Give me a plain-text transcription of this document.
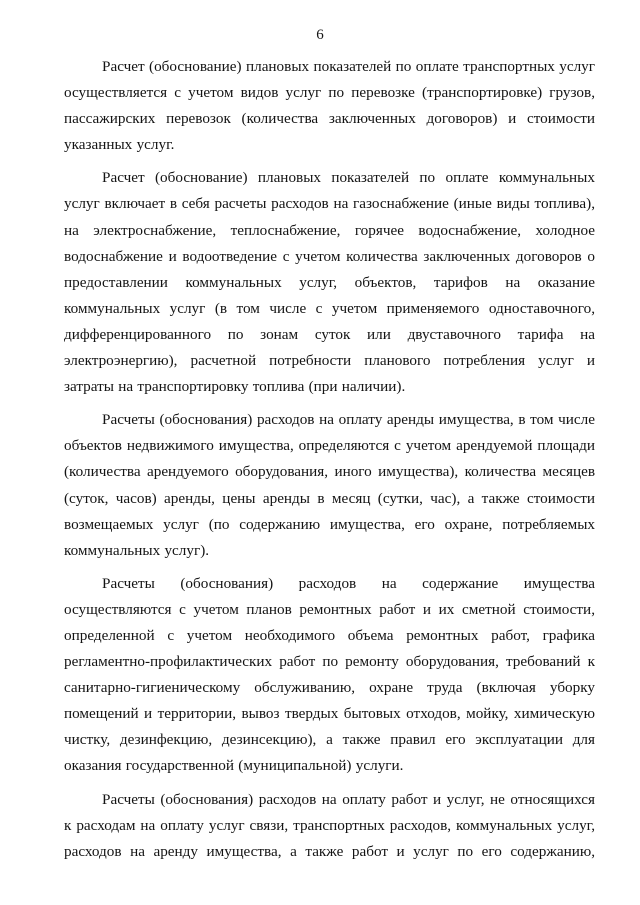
6

Расчет (обоснование) плановых показателей по оплате транспортных услуг осуществляется с учетом видов услуг по перевозке (транспортировке) грузов, пассажирских перевозок (количества заключенных договоров) и стоимости указанных услуг.

Расчет (обоснование) плановых показателей по оплате коммунальных услуг включает в себя расчеты расходов на газоснабжение (иные виды топлива), на электроснабжение, теплоснабжение, горячее водоснабжение, холодное водоснабжение и водоотведение с учетом количества заключенных договоров о предоставлении коммунальных услуг, объектов, тарифов на оказание коммунальных услуг (в том числе с учетом применяемого одноставочного, дифференцированного по зонам суток или двуставочного тарифа на электроэнергию), расчетной потребности планового потребления услуг и затраты на транспортировку топлива (при наличии).

Расчеты (обоснования) расходов на оплату аренды имущества, в том числе объектов недвижимого имущества, определяются с учетом арендуемой площади (количества арендуемого оборудования, иного имущества), количества месяцев (суток, часов) аренды, цены аренды в месяц (сутки, час), а также стоимости возмещаемых услуг (по содержанию имущества, его охране, потребляемых коммунальных услуг).

Расчеты (обоснования) расходов на содержание имущества осуществляются с учетом планов ремонтных работ и их сметной стоимости, определенной с учетом необходимого объема ремонтных работ, графика регламентно-профилактических работ по ремонту оборудования, требований к санитарно-гигиеническому обслуживанию, охране труда (включая уборку помещений и территории, вывоз твердых бытовых отходов, мойку, химическую чистку, дезинфекцию, дезинсекцию), а также правил его эксплуатации для оказания государственной (муниципальной) услуги.

Расчеты (обоснования) расходов на оплату работ и услуг, не относящихся к расходам на оплату услуг связи, транспортных расходов, коммунальных услуг, расходов на аренду имущества, а также работ и услуг по его содержанию,
